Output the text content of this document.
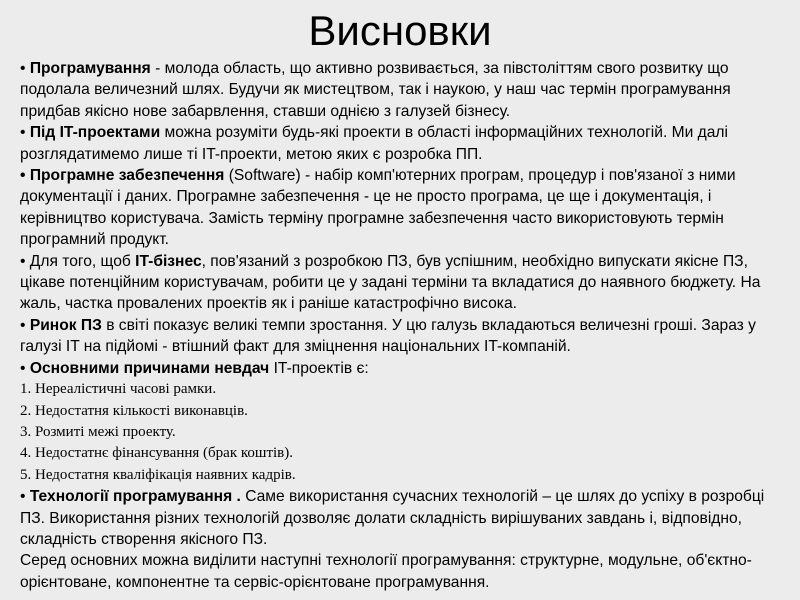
Висновки

• Програмування - молода область, що активно розвивається, за півстоліттям свого розвитку що подолала величезний шлях. Будучи як мистецтвом, так і наукою, у наш час термін програмування придбав якісно нове забарвлення, ставши однією з галузей бізнесу.

• Під IT-проектами можна розуміти будь-які проекти в області інформаційних технологій. Ми далі розглядатимемо лише ті IT-проекти, метою яких є розробка ПП.

• Програмне забезпечення (Software) - набір комп'ютерних програм, процедур і пов'язаної з ними документації і даних. Програмне забезпечення - це не просто програма, це ще і документація, і керівництво користувача. Замість терміну програмне забезпечення часто використовують термін програмний продукт.

• Для того, щоб IT-бізнес, пов'язаний з розробкою ПЗ, був успішним, необхідно випускати якісне ПЗ, цікаве потенційним користувачам, робити це у задані терміни та вкладатися до наявного бюджету. На жаль, частка провалених проектів як і раніше катастрофічно висока.

• Ринок ПЗ в світі показує великі темпи зростання. У цю галузь вкладаються величезні гроші. Зараз у галузі IT на підйомі - втішний факт для зміцнення національних IT-компаній.

• Основними причинами невдач IT-проектів є:

1. Нереалістичні часові рамки.
2. Недостатня кількості виконавців.
3. Розмиті межі проекту.
4. Недостатнє фінансування (брак коштів).
5. Недостатня кваліфікація наявних кадрів.

• Технології програмування . Саме використання сучасних технологій – це шлях до успіху в розробці ПЗ. Використання різних технологій дозволяє долати складність вирішуваних завдань і, відповідно, складність створення якісного ПЗ.

Серед основних можна виділити наступні технології програмування: структурне, модульне, об'єктно-орієнтоване, компонентне та сервіс-орієнтоване програмування.
